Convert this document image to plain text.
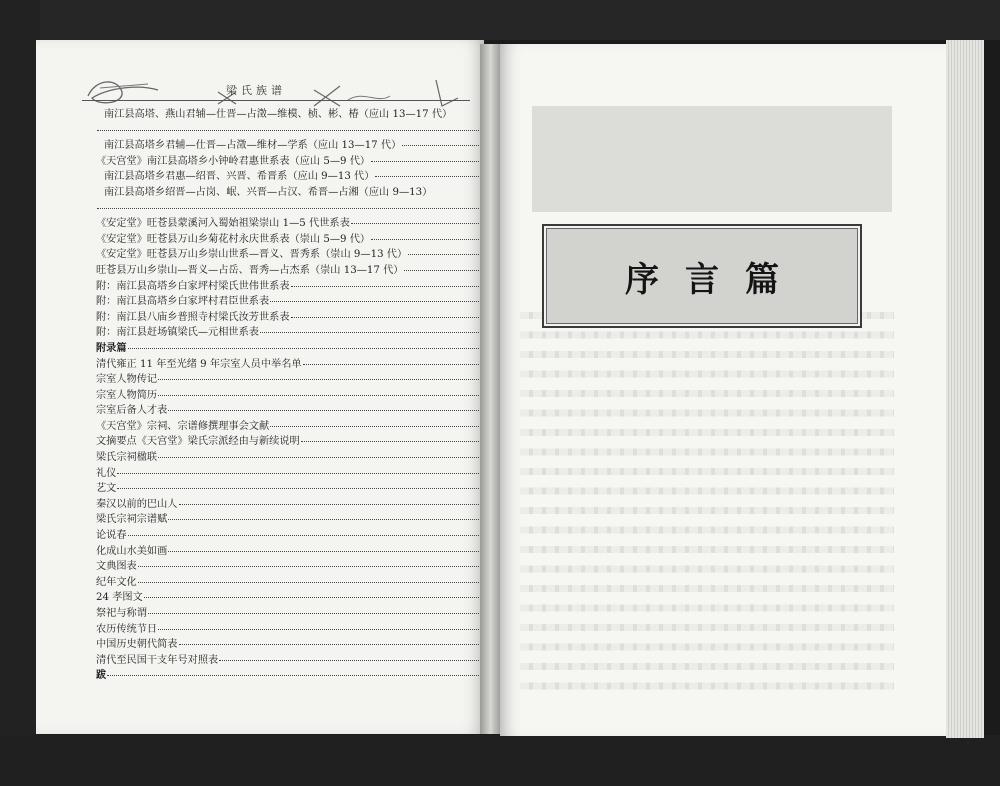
梁氏族谱
南江县高塔、燕山君辅—仕晋—占澂—维模、桢、彬、椿（应山 13—17 代）
南江县高塔乡君辅—仕晋—占澂—维材—学系（应山 13—17 代）
《天宫堂》南江县高塔乡小钟岭君惠世系表（应山 5—9 代）
南江县高塔乡君惠—绍晋、兴晋、希晋系（应山 9—13 代）
南江县高塔乡绍晋—占岗、岷、兴晋—占汉、希晋—占湘（应山 9—13）
《安定堂》旺苍县蒙溪河入蜀始祖梁崇山 1—5 代世系表
《安定堂》旺苍县万山乡菊花村永庆世系表（崇山 5—9 代）
《安定堂》旺苍县万山乡崇山世系—晋义、晋秀系（崇山 9—13 代）
旺苍县万山乡崇山—晋义—占岳、晋秀—占杰系（崇山 13—17 代）
附：南江县高塔乡白家坪村梁氏世伟世系表
附：南江县高塔乡白家坪村君臣世系表
附：南江县八庙乡普照寺村梁氏汝芳世系表
附：南江县赶场镇梁氏—元相世系表
附录篇
清代雍正 11 年至光绪 9 年宗室人员中举名单
宗室人物传记
宗室人物简历
宗室后备人才表
《天宫堂》宗祠、宗谱修撰理事会文献
文摘要点《天宫堂》梁氏宗派经由与新续说明
梁氏宗祠楹联
礼仪
艺文
秦汉以前的巴山人
梁氏宗祠宗谱赋
论说春
化成山水美如画
文典图表
纪年文化
24 孝图文
祭祀与称谓
农历传统节日
中国历史朝代简表
清代至民国干支年号对照表
跋
序言篇
